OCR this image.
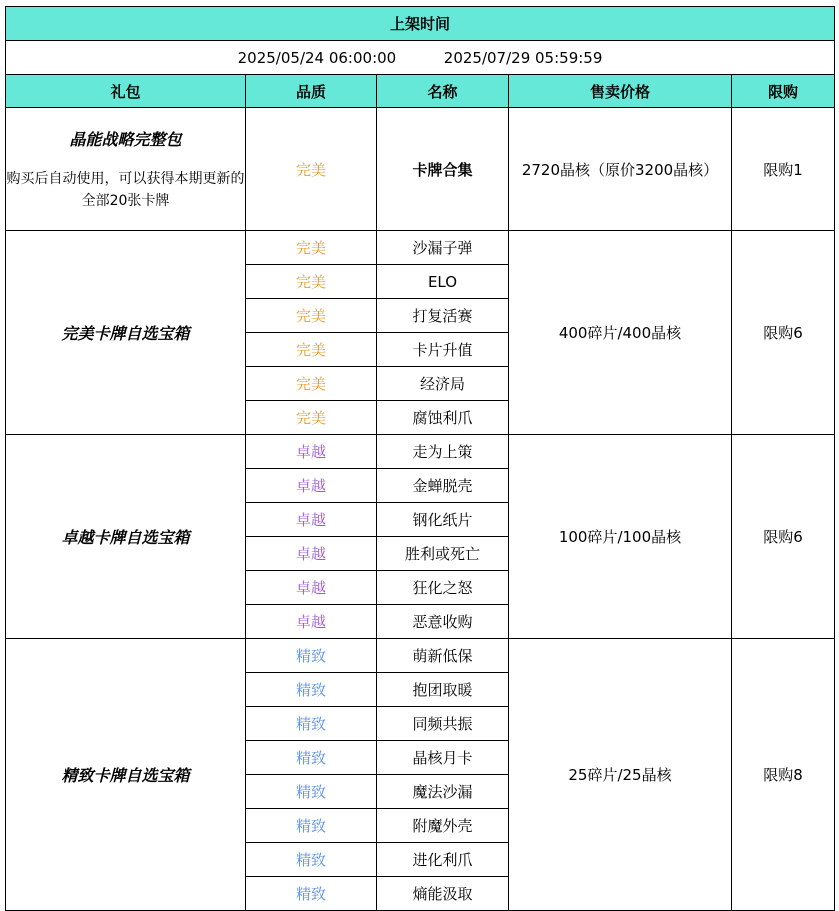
上架时间				
2025/05/24 06:00:00 2025/07/29 05:59:59				
礼包	品质	名称	售卖价格	限购

晶能战略完整包
购买后自动使用，可以获得本期更新的全部20张卡牌	完美	卡牌合集	2720晶核（原价3200晶核）	限购1
完美卡牌自选宝箱	完美	沙漏子弹	400碎片/400晶核	限购6
	完美	ELO		
	完美	打复活赛		
	完美	卡片升值		
	完美	经济局		
	完美	腐蚀利爪		
卓越卡牌自选宝箱	卓越	走为上策	100碎片/100晶核	限购6
	卓越	金蝉脱壳		
	卓越	钢化纸片		
	卓越	胜利或死亡		
	卓越	狂化之怒		
	卓越	恶意收购		
精致卡牌自选宝箱	精致	萌新低保	25碎片/25晶核	限购8
	精致	抱团取暖		
	精致	同频共振		
	精致	晶核月卡		
	精致	魔法沙漏		
	精致	附魔外壳		
	精致	进化利爪		
	精致	熵能汲取		
